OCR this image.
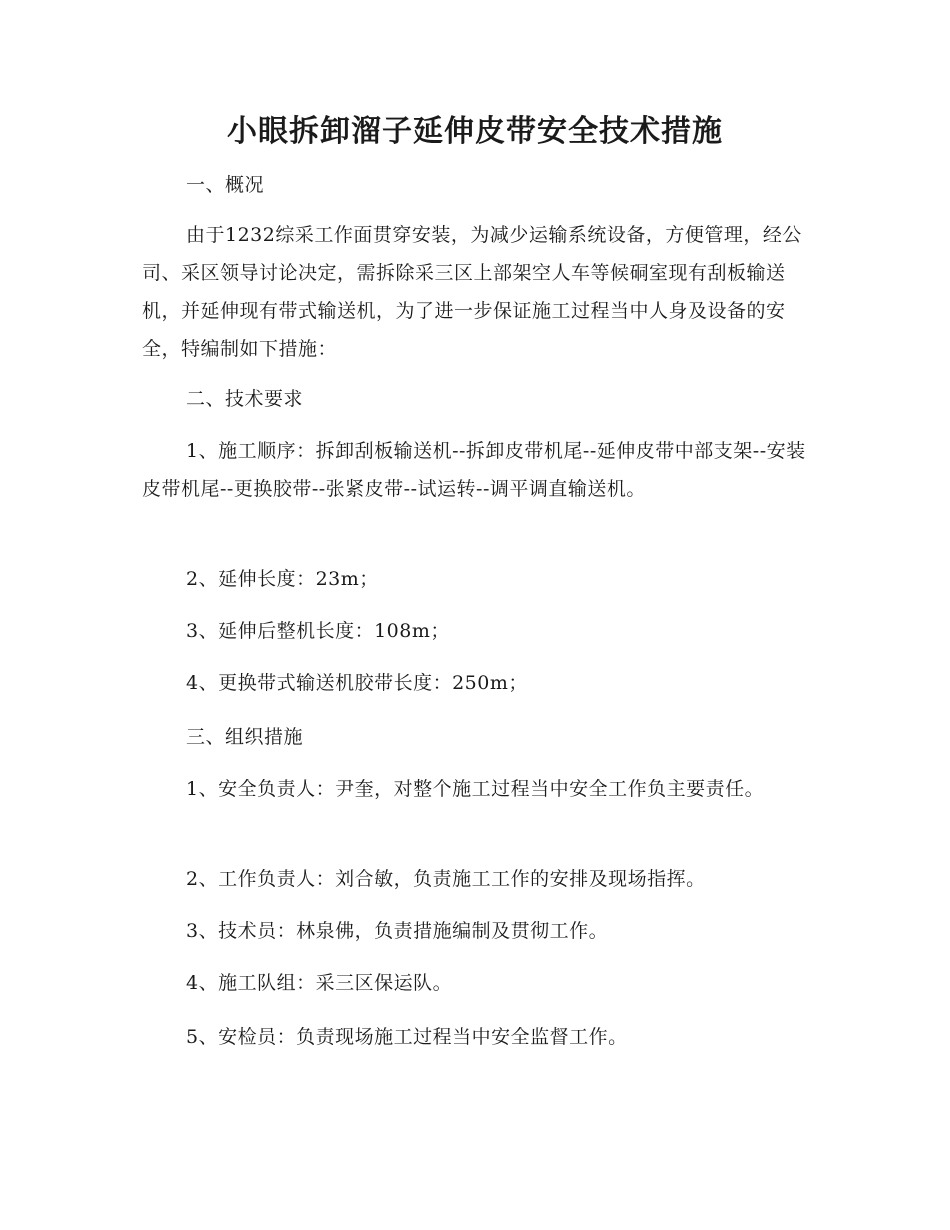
小眼拆卸溜子延伸皮带安全技术措施

一、概况

由于1232综采工作面贯穿安装，为减少运输系统设备，方便管理，经公司、采区领导讨论决定，需拆除采三区上部架空人车等候硐室现有刮板输送机，并延伸现有带式输送机，为了进一步保证施工过程当中人身及设备的安全，特编制如下措施：

二、技术要求

1、施工顺序：拆卸刮板输送机--拆卸皮带机尾--延伸皮带中部支架--安装皮带机尾--更换胶带--张紧皮带--试运转--调平调直输送机。

2、延伸长度：23m；

3、延伸后整机长度：108m；

4、更换带式输送机胶带长度：250m；

三、组织措施

1、安全负责人：尹奎，对整个施工过程当中安全工作负主要责任。

2、工作负责人：刘合敏，负责施工工作的安排及现场指挥。

3、技术员：林泉佛，负责措施编制及贯彻工作。

4、施工队组：采三区保运队。

5、安检员：负责现场施工过程当中安全监督工作。
